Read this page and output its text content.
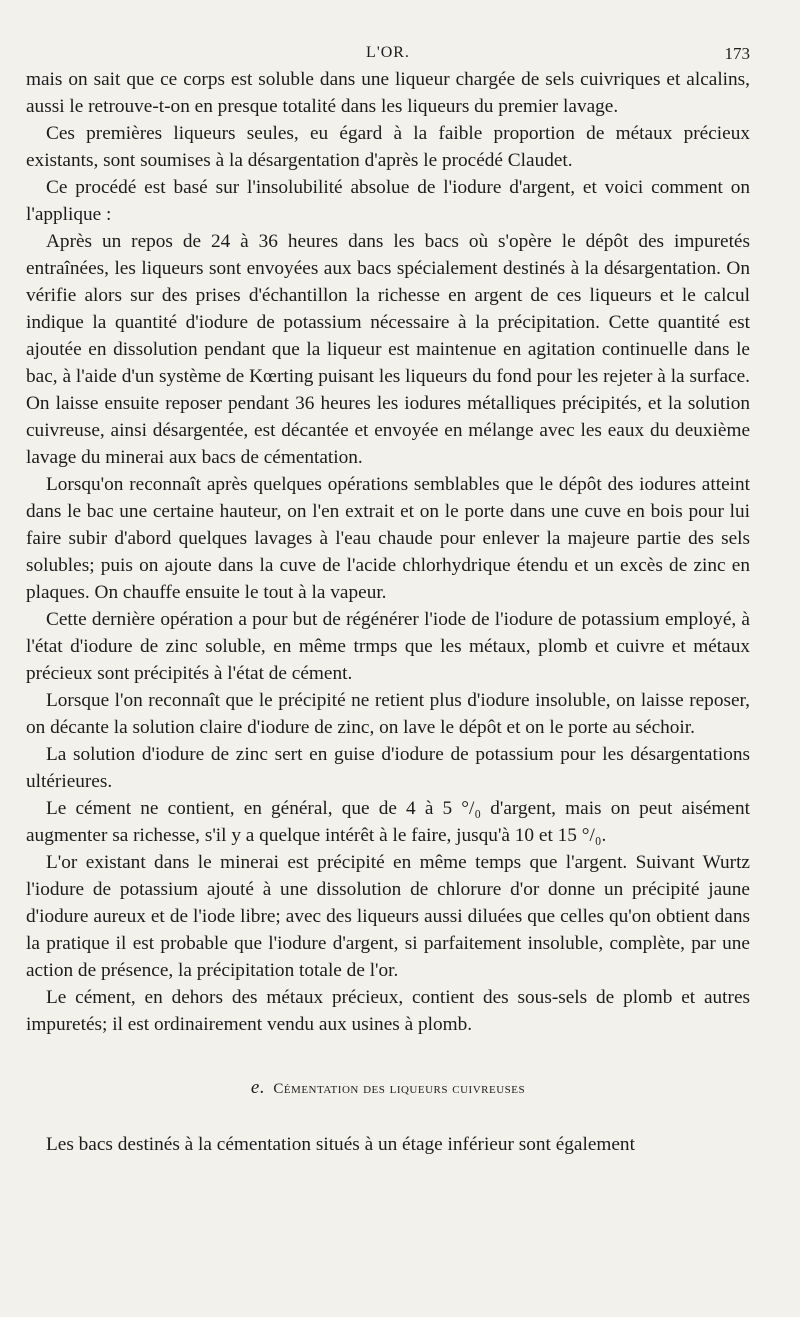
L'OR.	173

mais on sait que ce corps est soluble dans une liqueur chargée de sels cuivriques et alcalins, aussi le retrouve-t-on en presque totalité dans les liqueurs du premier lavage.

Ces premières liqueurs seules, eu égard à la faible proportion de métaux précieux existants, sont soumises à la désargentation d'après le procédé Claudet.

Ce procédé est basé sur l'insolubilité absolue de l'iodure d'argent, et voici comment on l'applique :

Après un repos de 24 à 36 heures dans les bacs où s'opère le dépôt des impuretés entraînées, les liqueurs sont envoyées aux bacs spécialement destinés à la désargentation. On vérifie alors sur des prises d'échantillon la richesse en argent de ces liqueurs et le calcul indique la quantité d'iodure de potassium nécessaire à la précipitation. Cette quantité est ajoutée en dissolution pendant que la liqueur est maintenue en agitation continuelle dans le bac, à l'aide d'un système de Kœrting puisant les liqueurs du fond pour les rejeter à la surface. On laisse ensuite reposer pendant 36 heures les iodures métalliques précipités, et la solution cuivreuse, ainsi désargentée, est décantée et envoyée en mélange avec les eaux du deuxième lavage du minerai aux bacs de cémentation.

Lorsqu'on reconnaît après quelques opérations semblables que le dépôt des iodures atteint dans le bac une certaine hauteur, on l'en extrait et on le porte dans une cuve en bois pour lui faire subir d'abord quelques lavages à l'eau chaude pour enlever la majeure partie des sels solubles; puis on ajoute dans la cuve de l'acide chlorhydrique étendu et un excès de zinc en plaques. On chauffe ensuite le tout à la vapeur.

Cette dernière opération a pour but de régénérer l'iode de l'iodure de potassium employé, à l'état d'iodure de zinc soluble, en même trmps que les métaux, plomb et cuivre et métaux précieux sont précipités à l'état de cément.

Lorsque l'on reconnaît que le précipité ne retient plus d'iodure insoluble, on laisse reposer, on décante la solution claire d'iodure de zinc, on lave le dépôt et on le porte au séchoir.

La solution d'iodure de zinc sert en guise d'iodure de potassium pour les désargentations ultérieures.

Le cément ne contient, en général, que de 4 à 5 °/₀ d'argent, mais on peut aisément augmenter sa richesse, s'il y a quelque intérêt à le faire, jusqu'à 10 et 15 °/₀.

L'or existant dans le minerai est précipité en même temps que l'argent. Suivant Wurtz l'iodure de potassium ajouté à une dissolution de chlorure d'or donne un précipité jaune d'iodure aureux et de l'iode libre; avec des liqueurs aussi diluées que celles qu'on obtient dans la pratique il est probable que l'iodure d'argent, si parfaitement insoluble, complète, par une action de présence, la précipitation totale de l'or.

Le cément, en dehors des métaux précieux, contient des sous-sels de plomb et autres impuretés; il est ordinairement vendu aux usines à plomb.

e. Cémentation des liqueurs cuivreuses

Les bacs destinés à la cémentation situés à un étage inférieur sont également
